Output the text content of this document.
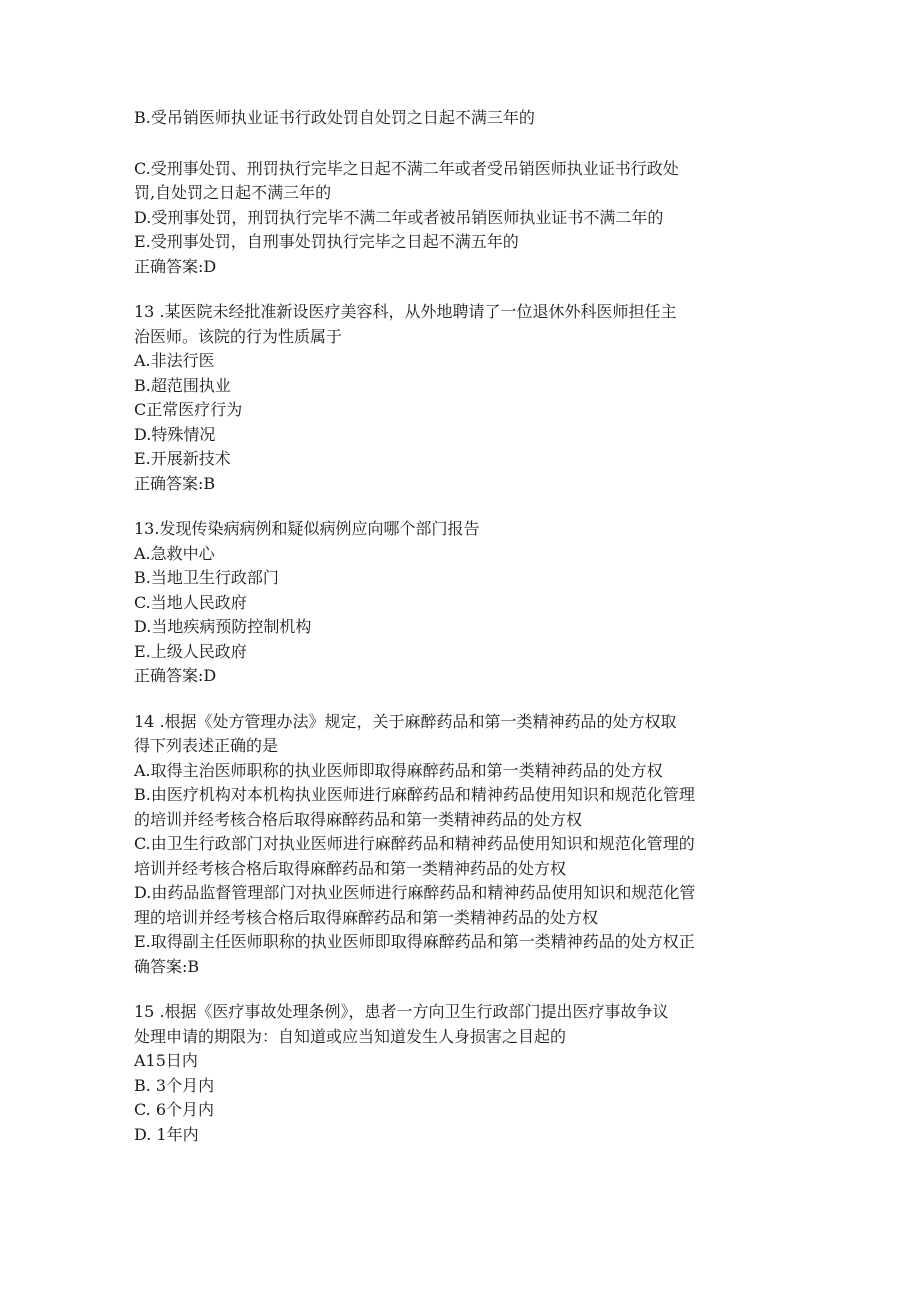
B.受吊销医师执业证书行政处罚自处罚之日起不满三年的
C.受刑事处罚、刑罚执行完毕之日起不满二年或者受吊销医师执业证书行政处
罚,自处罚之日起不满三年的
D.受刑事处罚，刑罚执行完毕不满二年或者被吊销医师执业证书不满二年的
E.受刑事处罚，自刑事处罚执行完毕之日起不满五年的
正确答案:D
13 .某医院未经批准新设医疗美容科，从外地聘请了一位退休外科医师担任主
治医师。该院的行为性质属于
A.非法行医
B.超范围执业
C正常医疗行为
D.特殊情况
E.开展新技术
正确答案:B
13.发现传染病病例和疑似病例应向哪个部门报告
A.急救中心
B.当地卫生行政部门
C.当地人民政府
D.当地疾病预防控制机构
E.上级人民政府
正确答案:D
14 .根据《处方管理办法》规定，关于麻醉药品和第一类精神药品的处方权取
得下列表述正确的是
A.取得主治医师职称的执业医师即取得麻醉药品和第一类精神药品的处方权
B.由医疗机构对本机构执业医师进行麻醉药品和精神药品使用知识和规范化管理
的培训并经考核合格后取得麻醉药品和第一类精神药品的处方权
C.由卫生行政部门对执业医师进行麻醉药品和精神药品使用知识和规范化管理的
培训并经考核合格后取得麻醉药品和第一类精神药品的处方权
D.由药品监督管理部门对执业医师进行麻醉药品和精神药品使用知识和规范化管
理的培训并经考核合格后取得麻醉药品和第一类精神药品的处方权
E.取得副主任医师职称的执业医师即取得麻醉药品和第一类精神药品的处方权正
确答案:B
15 .根据《医疗事故处理条例》，患者一方向卫生行政部门提出医疗事故争议
处理申请的期限为：自知道或应当知道发生人身损害之目起的
A15日内
B. 3个月内
C. 6个月内
D. 1年内
